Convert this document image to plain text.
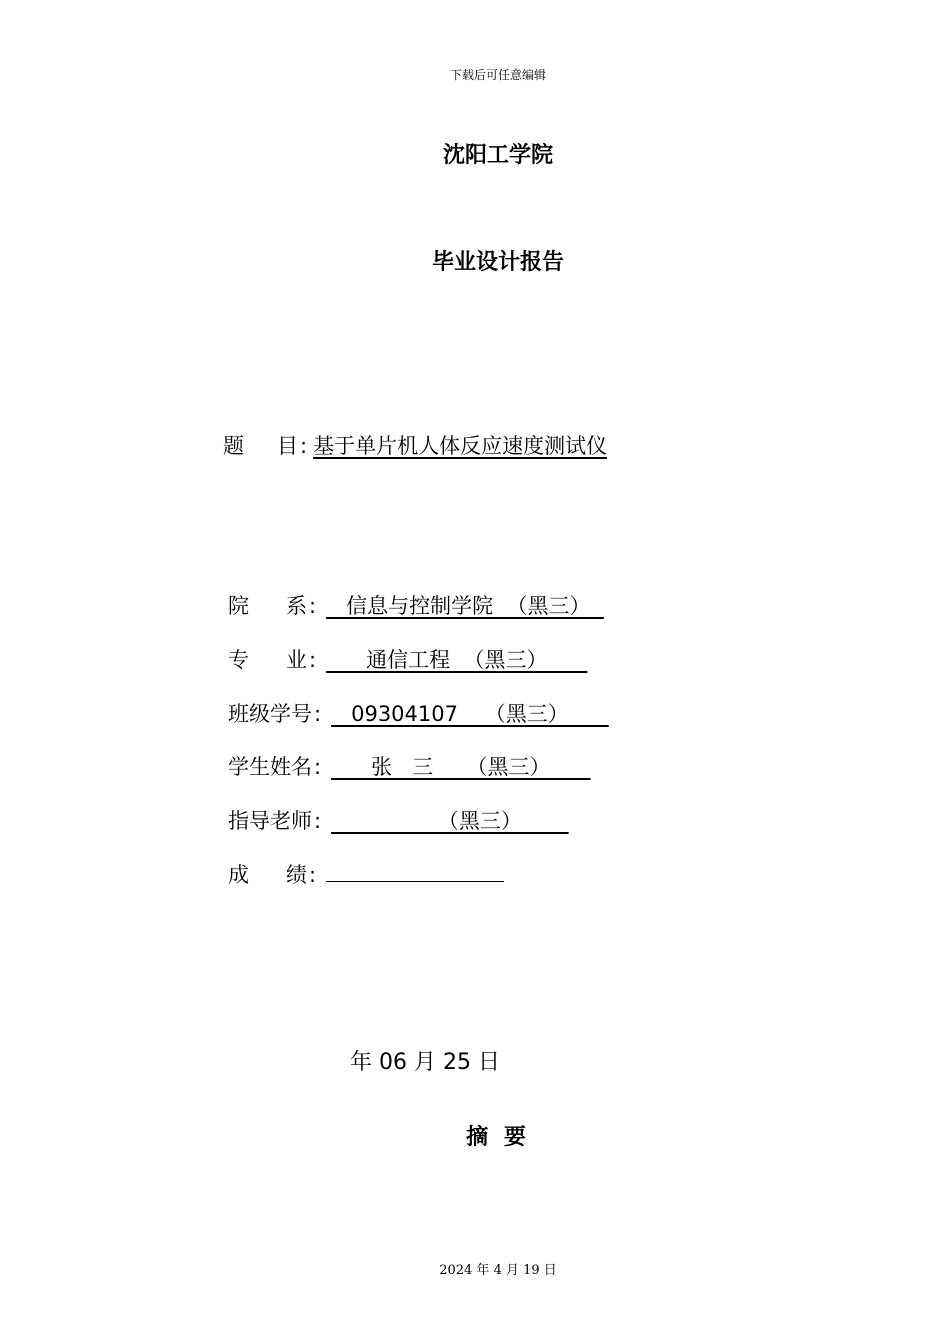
下载后可任意编辑
沈阳工学院
毕业设计报告
题 目 : 基于单片机人体反应速度测试仪
院 系 : 信息与控制学院  （黑三）
专 业 : 通信工程  （黑三）
班级学号 : 09304107    （黑三）
学生姓名 : 张   三     （黑三）
指导老师 : （黑三）
成 绩 :
年 06 月 25 日
摘 要
2024 年 4 月 19 日
